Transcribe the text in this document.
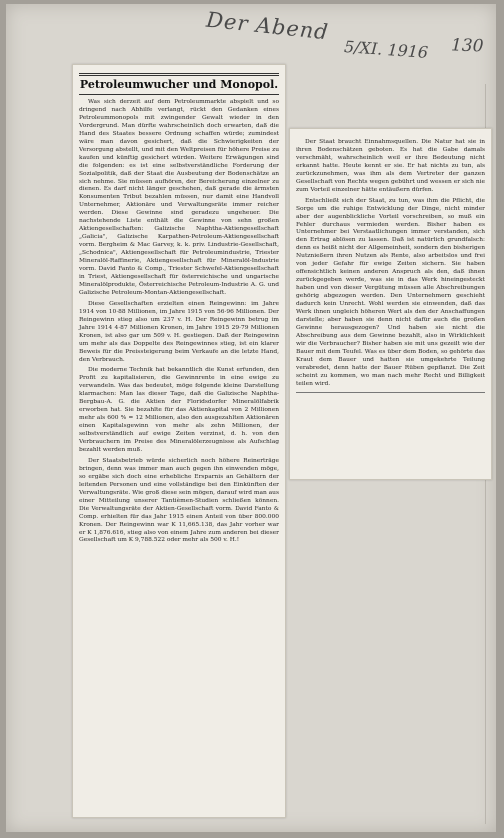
Der Abend
5/XI. 1916 130
Petroleumwucher und Monopol.

Was sich derzeit auf dem Petroleummarkte abspielt und so dringend nach Abhilfe verlangt, rückt den Gedanken eines Petroleummonopols mit zwingender Gewalt wieder in den Vordergrund. Man dürfte wahrscheinlich doch erwarten, daß die Hand des Staates bessere Ordnung schaffen würde; zumindest wäre man davon gesichert, daß die Schwierigkeiten der Versorgung abstellt, und mit den Weltpreisen für höhere Preise zu kaufen und künftig gesichert würden. Weitere Erwägungen sind die folgenden: es ist eine selbstverständliche Forderung der Sozialpolitik, daß der Staat die Ausbeutung der Bodenschätze an sich nehme. Sie müssen aufhören, der Bereicherung einzelner zu dienen. Es darf nicht länger geschehen, daß gerade die ärmsten Konsumenten Tribut bezahlen müssen, nur damit eine Handvoll Unternehmer, Aktionäre und Verwaltungsräte immer reicher werden. Diese Gewinne sind geradezu ungeheuer. Die nachstehende Liste enthält die Gewinne von sehn großen Aktiengesellschaften: Galizische Naphtha-Aktiengesellschaft „Galicia", Galizische Karpathen-Petroleum-Aktiengesellschaft vorm. Bergheim & Mac Garvey, k. k. priv. Lindustrie-Gesellschaft, „Schodnica", Aktiengesellschaft für Petroleumindustrie, Triester Mineralöl-Raffinerie, Aktiengesellschaft für Mineralöl-Industrie vorm. David Fanto & Comp., Triester Schwefel-Aktiengesellschaft in Triest, Aktiengesellschaft für österreichische und ungarische Mineralölprodukte, Österreichische Petroleum-Industrie A. G. und Galizische Petroleum-Montan-Aktiengesellschaft.

Diese Gesellschaften erzielten einen Reingewinn: im Jahre 1914 von 10·88 Millionen, im Jahre 1915 von 56·96 Millionen. Der Reingewinn stieg also um 237 v. H. Der Reingewinn betrug im Jahre 1914 4·87 Millionen Kronen, im Jahre 1915 29·79 Millionen Kronen, ist also gar um 509 v. H. gestiegen. Daß der Reingewinn um mehr als das Doppelte des Reingewinnes stieg, ist ein klarer Beweis für die Preissteigerung beim Verkaufe an die letzte Hand, den Verbrauch.

Die moderne Technik hat bekanntlich die Kunst erfunden, den Profit zu kapitalisieren, die Gewinnrente in eine ewige zu verwandeln. Was das bedeutet, möge folgende kleine Darstellung klarmachen: Man las dieser Tage, daß die Galizische Naphtha-Bergbau-A. G. die Aktien der Floridsdorfer Mineralölfabrik erworben hat. Sie bezahlte für das Aktienkapital von 2 Millionen mehr als 600 % = 12 Millionen, also den ausgezahlten Aktionären einen Kapitalsgewinn von mehr als zehn Millionen, der selbstverständlich auf ewige Zeiten verzinst, d. h. von den Verbrauchern im Preise des Mineralölerzeugnisse als Aufschlag bezahlt werden muß.

Der Staatsbetrieb würde sicherlich noch höhere Reinerträge bringen, denn was immer man auch gegen ihn einwenden möge, so ergäbe sich doch eine erhebliche Ersparnis an Gehältern der leitenden Personen und eine vollständige bei den Einkünften der Verwaltungsräte. Wie groß diese sein mögen, darauf wird man aus einer Mitteilung unserer Tantièmen-Studien schließen können. Die Verwaltungsräte der Aktien-Gesellschaft vorm. David Fanto & Comp. erhielten für das Jahr 1915 einen Anteil von über 800.000 Kronen. Der Reingewinn war K 11,665.138, das Jahr vorher war er K 1,876.616, stieg also von einem Jahre zum anderen bei dieser Gesellschaft um K 9,788.522 oder mehr als 500 v. H.!

Der Staat braucht Einnahmsquellen. Die Natur hat sie in ihren Bodenschätzen geboten. Es hat die Gabe damals verschmäht, wahrscheinlich weil er ihre Bedeutung nicht erkannt hatte. Heute kennt er sie. Er hat nichts zu tun, als zurückzunehmen, was ihm als dem Vertreter der ganzen Gesellschaft von Rechts wegen gebührt und wessen er sich nie zum Vorteil einzelner hätte entäußern dürfen.

Entschließt sich der Staat, zu tun, was ihm die Pflicht, die Sorge um die ruhige Entwicklung der Dinge, nicht minder aber der augenblickliche Vorteil vorschreiben, so muß ein Fehler durchaus vermieden werden. Bisher haben es Unternehmer bei Verstaatlichungen immer verstanden, sich den Ertrag ablösen zu lassen. Daß ist natürlich grundfalsch: denn es heißt nicht der Allgemeinheit, sondern den bisherigen Nutznießern ihren Nutzen als Rente, also arbeitslos und frei von jeder Gefahr für ewige Zeiten sichern. Sie haben offensichtlich keinen anderen Anspruch als den, daß ihnen zurückgegeben werde, was sie in das Werk hineingesteckt haben und von dieser Vergütung müssen alle Abschreibungen gehörig abgezogen werden. Den Unternehmern geschieht dadurch kein Unrecht. Wohl werden sie einwenden, daß das Werk ihnen ungleich höheren Wert als den der Anschaffungen darstelle; aber haben sie denn nicht dafür auch die großen Gewinne herausgezogen? Und haben sie nicht die Abschreibung aus dem Gewinne bezahlt, also in Wirklichkeit wir die Verbraucher? Bisher haben sie mit uns gezeilt wie der Bauer mit dem Teufel. Was es über dem Boden, so gehörte das Kraut dem Bauer und hatten sie umgekehrte Teilung verabredet, denn hatte der Bauer Rüben gepflanzt. Die Zeit scheint zu kommen, wo man nach mehr Recht und Billigkeit teilen wird.
